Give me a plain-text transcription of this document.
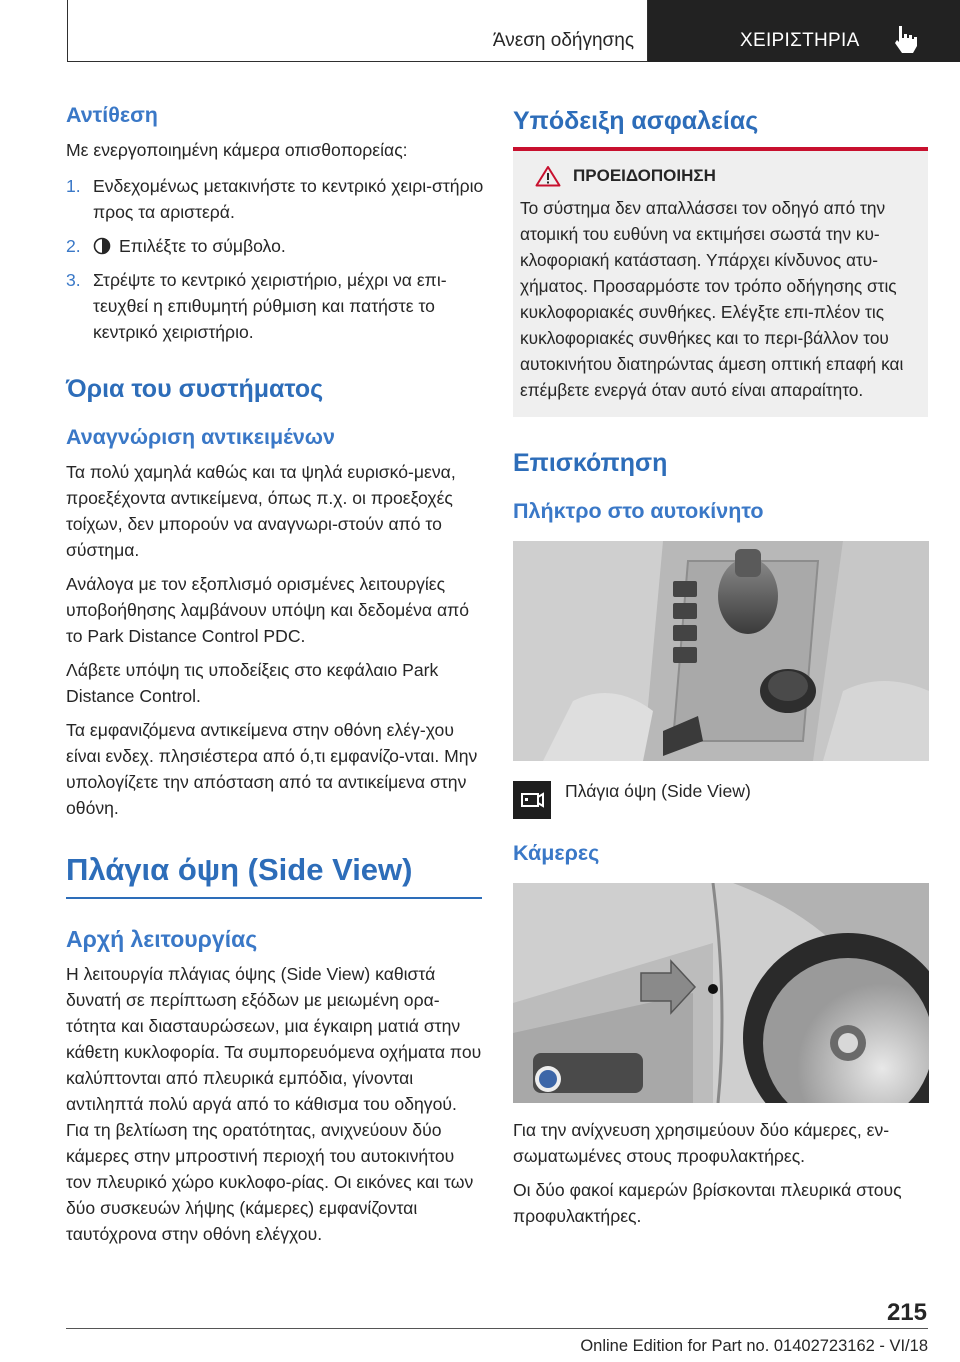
Άνεση οδήγησης	ΧΕΙΡΙΣΤΗΡΙΑ
Αντίθεση

Με ενεργοποιημένη κάμερα οπισθοπορείας:

1. Ενδεχομένως μετακινήστε το κεντρικό χειρι-στήριο προς τα αριστερά.
2. Επιλέξτε το σύμβολο.
3. Στρέψτε το κεντρικό χειριστήριο, μέχρι να επι-τευχθεί η επιθυμητή ρύθμιση και πατήστε το κεντρικό χειριστήριο.
Όρια του συστήματος
Αναγνώριση αντικειμένων

Τα πολύ χαμηλά καθώς και τα ψηλά ευρισκό-μενα, προεξέχοντα αντικείμενα, όπως π.χ. οι προεξοχές τοίχων, δεν μπορούν να αναγνωρι-στούν από το σύστημα.

Ανάλογα με τον εξοπλισμό ορισμένες λειτουργίες υποβοήθησης λαμβάνουν υπόψη και δεδομένα από το Park Distance Control PDC.

Λάβετε υπόψη τις υποδείξεις στο κεφάλαιο Park Distance Control.

Τα εμφανιζόμενα αντικείμενα στην οθόνη ελέγ-χου είναι ενδεχ. πλησιέστερα από ό,τι εμφανίζο-νται. Μην υπολογίζετε την απόσταση από τα αντικείμενα στην οθόνη.

Πλάγια όψη (Side View)
Αρχή λειτουργίας

Η λειτουργία πλάγιας όψης (Side View) καθιστά δυνατή σε περίπτωση εξόδων με μειωμένη ορα-τότητα και διασταυρώσεων, μια έγκαιρη ματιά στην κάθετη κυκλοφορία. Τα συμπορευόμενα οχήματα που καλύπτονται από πλευρικά εμπόδια, γίνονται αντιληπτά πολύ αργά από το κάθισμα του οδηγού. Για τη βελτίωση της ορατότητας, ανιχνεύουν δύο κάμερες στην μπροστινή περιοχή του αυτοκινήτου τον πλευρικό χώρο κυκλοφο-ρίας. Οι εικόνες και των δύο συσκευών λήψης (κάμερες) εμφανίζονται ταυτόχρονα στην οθόνη ελέγχου.

Υπόδειξη ασφαλείας
ΠΡΟΕΙΔΟΠΟΙΗΣΗ

Το σύστημα δεν απαλλάσσει τον οδηγό από την ατομική του ευθύνη να εκτιμήσει σωστά την κυ-κλοφοριακή κατάσταση. Υπάρχει κίνδυνος ατυ-χήματος. Προσαρμόστε τον τρόπο οδήγησης στις κυκλοφοριακές συνθήκες. Ελέγξτε επι-πλέον τις κυκλοφοριακές συνθήκες και το περι-βάλλον του αυτοκινήτου διατηρώντας άμεση οπτική επαφή και επέμβετε ενεργά όταν αυτό είναι απαραίτητο.

Επισκόπηση
Πλήκτρο στο αυτοκίνητο
Πλάγια όψη (Side View)
Κάμερες

Για την ανίχνευση χρησιμεύουν δύο κάμερες, εν-σωματωμένες στους προφυλακτήρες.

Οι δύο φακοί καμερών βρίσκονται πλευρικά στους προφυλακτήρες.

215
Online Edition for Part no. 01402723162 - VI/18
